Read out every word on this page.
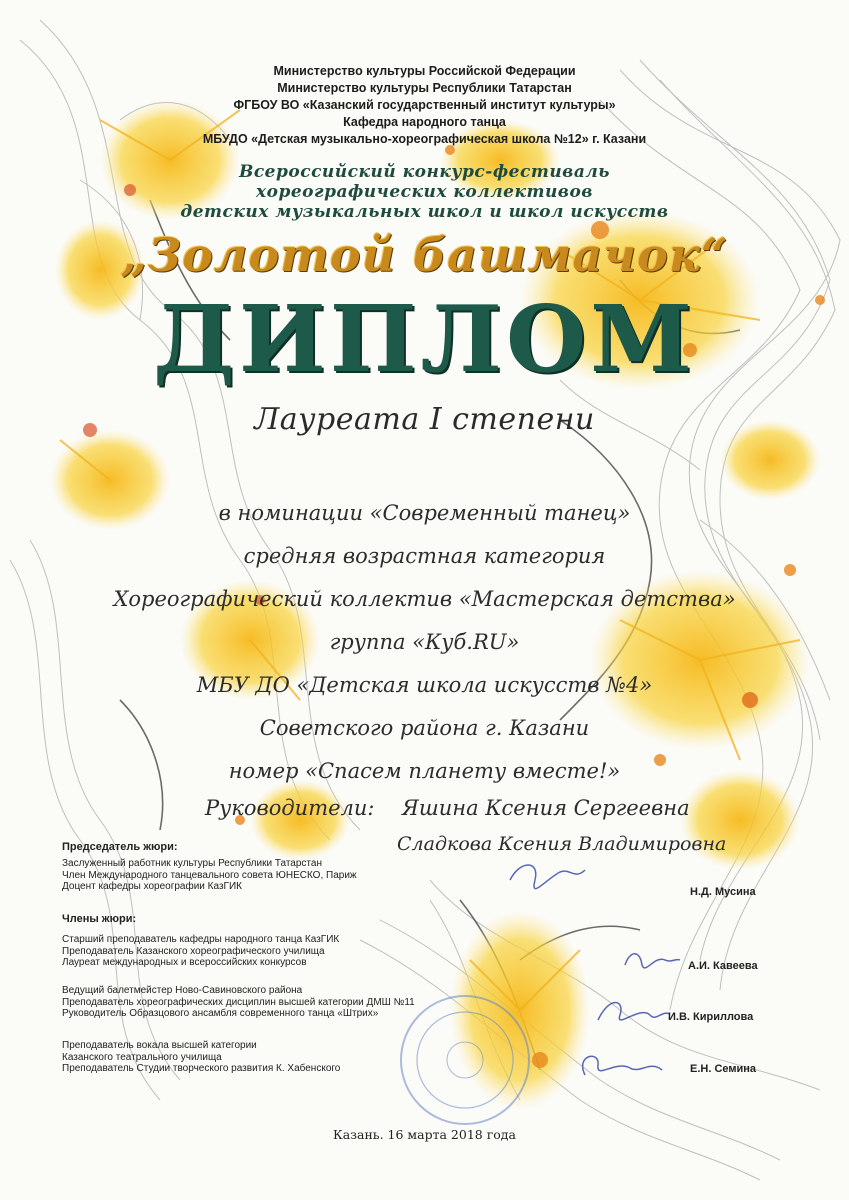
Министерство культуры Российской Федерации
Министерство культуры Республики Татарстан
ФГБОУ ВО «Казанский государственный институт культуры»
Кафедра народного танца
МБУДО «Детская музыкально-хореографическая школа №12» г. Казани
Всероссийский конкурс-фестиваль
хореографических коллективов
детских музыкальных школ и школ искусств
„Золотой башмачок“
ДИПЛОМ
Лауреата I степени
в номинации «Современный танец»
средняя возрастная категория
Хореографический коллектив «Мастерская детства»
группа «Куб.RU»
МБУ ДО «Детская школа искусств №4»
Советского района г. Казани
номер «Спасем планету вместе!»
Руководители: Яшина Ксения Сергеевна
Сладкова Ксения Владимировна
Председатель жюри:
Заслуженный работник культуры Республики Татарстан
Член Международного танцевального совета ЮНЕСКО, Париж
Доцент кафедры хореографии КазГИК	Н.Д. Мусина
Члены жюри:
Старший преподаватель кафедры народного танца КазГИК
Преподаватель Казанского хореографического училища
Лауреат международных и всероссийских конкурсов	А.И. Кавеева
Ведущий балетмейстер Ново-Савиновского района
Преподаватель хореографических дисциплин высшей категории ДМШ №11
Руководитель Образцового ансамбля современного танца «Штрих»	И.В. Кириллова
Преподаватель вокала высшей категории
Казанского театрального училища
Преподаватель Студии творческого развития К. Хабенского	Е.Н. Семина
Казань. 16 марта 2018 года
